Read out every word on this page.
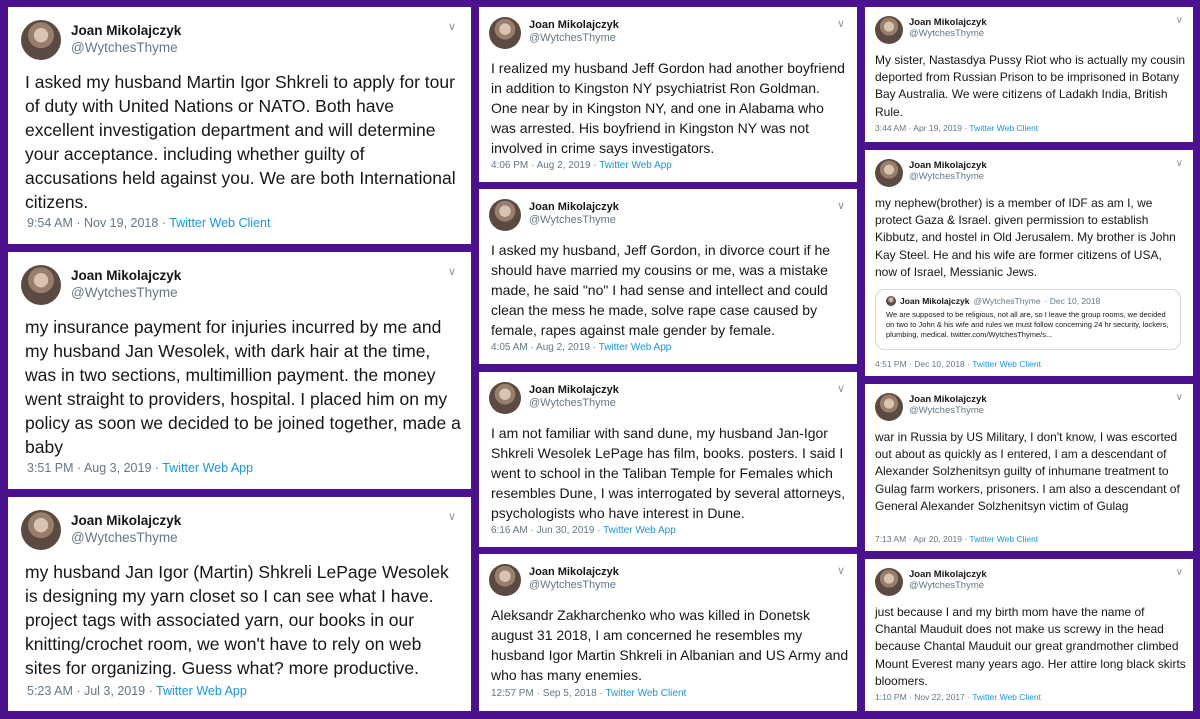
Joan Mikolajczyk
@WytchesThyme
∨
I asked my husband Martin Igor Shkreli to apply for tour of duty with United Nations or NATO. Both have excellent investigation department and will determine your acceptance. including whether guilty of accusations held against you. We are both International citizens.
9:54 AM · Nov 19, 2018 · Twitter Web Client
Joan Mikolajczyk
@WytchesThyme
∨
my insurance payment for injuries incurred by me and my husband Jan Wesolek, with dark hair at the time, was in two sections, multimillion payment. the money went straight to providers, hospital. I placed him on my policy as soon we decided to be joined together, made a baby
3:51 PM · Aug 3, 2019 · Twitter Web App
Joan Mikolajczyk
@WytchesThyme
∨
my husband Jan Igor (Martin) Shkreli LePage Wesolek is designing my yarn closet so I can see what I have. project tags with associated yarn, our books in our knitting/crochet room, we won't have to rely on web sites for organizing. Guess what? more productive.
5:23 AM · Jul 3, 2019 · Twitter Web App
Joan Mikolajczyk
@WytchesThyme
∨
I realized my husband Jeff Gordon had another boyfriend in addition to Kingston NY psychiatrist Ron Goldman. One near by in Kingston NY, and one in Alabama who was arrested. His boyfriend in Kingston NY was not involved in crime says investigators.
4:06 PM · Aug 2, 2019 · Twitter Web App
Joan Mikolajczyk
@WytchesThyme
∨
I asked my husband, Jeff Gordon, in divorce court if he should have married my cousins or me, was a mistake made, he said "no" I had sense and intellect and could clean the mess he made, solve rape case caused by female, rapes against male gender by female.
4:05 AM · Aug 2, 2019 · Twitter Web App
Joan Mikolajczyk
@WytchesThyme
∨
I am not familiar with sand dune, my husband Jan-Igor Shkreli Wesolek LePage has film, books. posters. I said I went to school in the Taliban Temple for Females which resembles Dune, I was interrogated by several attorneys, psychologists who have interest in Dune.
6:16 AM · Jun 30, 2019 · Twitter Web App
Joan Mikolajczyk
@WytchesThyme
∨
Aleksandr Zakharchenko who was killed in Donetsk august 31 2018, I am concerned he resembles my husband Igor Martin Shkreli in Albanian and US Army and who has many enemies.
12:57 PM · Sep 5, 2018 · Twitter Web Client
Joan Mikolajczyk
@WytchesThyme
∨
My sister, Nastasdya Pussy Riot who is actually my cousin deported from Russian Prison to be imprisoned in Botany Bay Australia. We were citizens of Ladakh India, British Rule.
3:44 AM · Apr 19, 2019 · Twitter Web Client
Joan Mikolajczyk
@WytchesThyme
∨
my nephew(brother) is a member of IDF as am I, we protect Gaza & Israel. given permission to establish Kibbutz, and hostel in Old Jerusalem. My brother is John Kay Steel. He and his wife are former citizens of USA, now of Israel, Messianic Jews.
Joan Mikolajczyk @WytchesThyme · Dec 10, 2018
We are supposed to be religious, not all are, so I leave the group rooms, we decided on two to John & his wife and rules we must follow concerning 24 hr security, lockers, plumbing, medical. twitter.com/WytchesThyme/s...
4:51 PM · Dec 10, 2018 · Twitter Web Client
Joan Mikolajczyk
@WytchesThyme
∨
war in Russia by US Military, I don't know, I was escorted out about as quickly as I entered, I am a descendant of Alexander Solzhenitsyn guilty of inhumane treatment to Gulag farm workers, prisoners. I am also a descendant of General Alexander Solzhenitsyn victim of Gulag
7:13 AM · Apr 20, 2019 · Twitter Web Client
Joan Mikolajczyk
@WytchesThyme
∨
just because I and my birth mom have the name of Chantal Mauduit does not make us screwy in the head because Chantal Mauduit our great grandmother climbed Mount Everest many years ago. Her attire long black skirts bloomers.
1:10 PM · Nov 22, 2017 · Twitter Web Client
